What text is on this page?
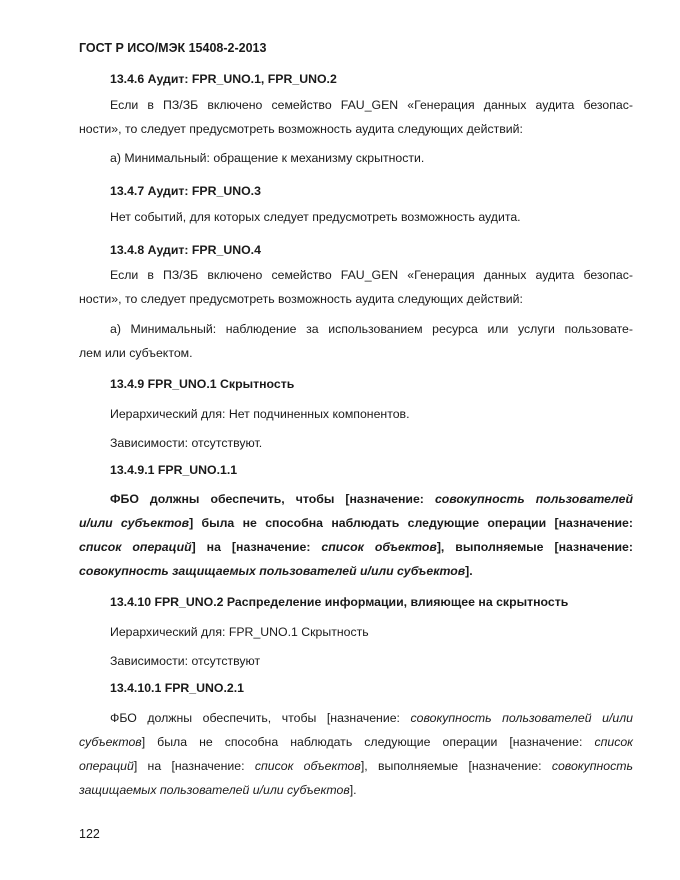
ГОСТ Р ИСО/МЭК 15408-2-2013
13.4.6 Аудит: FPR_UNO.1, FPR_UNO.2
Если в ПЗ/ЗБ включено семейство FAU_GEN «Генерация данных аудита безопас-
ности», то следует предусмотреть возможность аудита следующих действий:
а) Минимальный: обращение к механизму скрытности.
13.4.7 Аудит: FPR_UNO.3
Нет событий, для которых следует предусмотреть возможность аудита.
13.4.8 Аудит: FPR_UNO.4
Если в ПЗ/ЗБ включено семейство FAU_GEN «Генерация данных аудита безопас-
ности», то следует предусмотреть возможность аудита следующих действий:
а) Минимальный: наблюдение за использованием ресурса или услуги пользовате-
лем или субъектом.
13.4.9 FPR_UNO.1 Скрытность
Иерархический для: Нет подчиненных компонентов.
Зависимости: отсутствуют.
13.4.9.1 FPR_UNO.1.1
ФБО должны обеспечить, чтобы [назначение: совокупность пользователей
и/или субъектов] была не способна наблюдать следующие операции [назначение:
список операций] на [назначение: список объектов], выполняемые [назначение:
совокупность защищаемых пользователей и/или субъектов].
13.4.10 FPR_UNO.2 Распределение информации, влияющее на скрытность
Иерархический для: FPR_UNO.1 Скрытность
Зависимости: отсутствуют
13.4.10.1 FPR_UNO.2.1
ФБО должны обеспечить, чтобы [назначение: совокупность пользователей и/или
субъектов] была не способна наблюдать следующие операции [назначение: список
операций] на [назначение: список объектов], выполняемые [назначение: совокупность
защищаемых пользователей и/или субъектов].
122
